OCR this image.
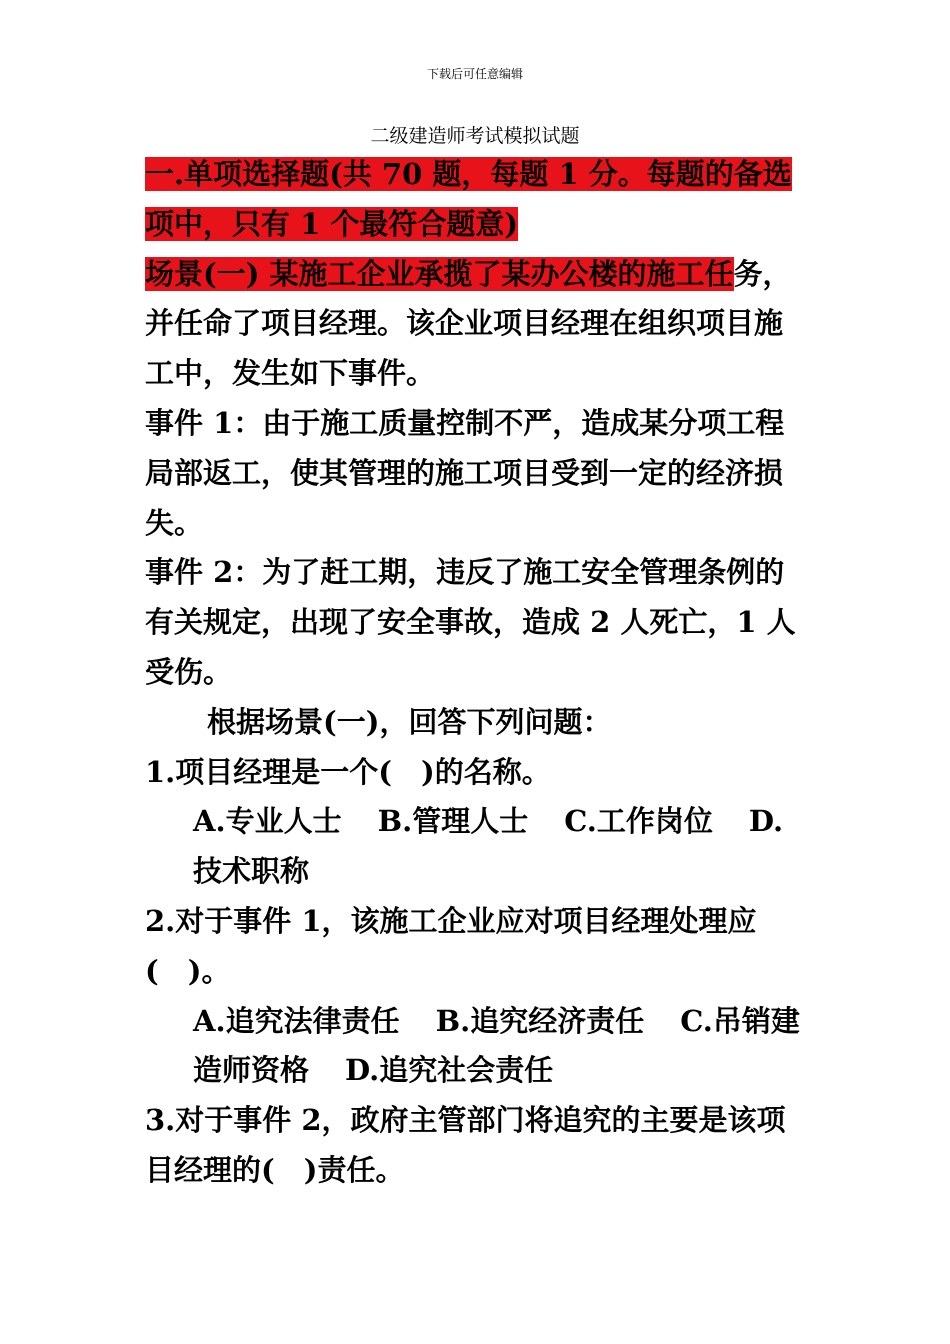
下载后可任意编辑
二级建造师考试模拟试题

一.单项选择题(共 70 题，每题 1 分。每题的备选项中，只有 1 个最符合题意)

场景(一) 某施工企业承揽了某办公楼的施工任务，并任命了项目经理。该企业项目经理在组织项目施工中，发生如下事件。

事件 1：由于施工质量控制不严，造成某分项工程局部返工，使其管理的施工项目受到一定的经济损失。

事件 2：为了赶工期，违反了施工安全管理条例的有关规定，出现了安全事故，造成 2 人死亡，1 人受伤。

根据场景(一)，回答下列问题：

1.项目经理是一个(　)的名称。

A.专业人士 B.管理人士 C.工作岗位 D.技术职称

2.对于事件 1，该施工企业应对项目经理处理应(　)。

A.追究法律责任 B.追究经济责任 C.吊销建造师资格 D.追究社会责任

3.对于事件 2，政府主管部门将追究的主要是该项目经理的(　)责任。
